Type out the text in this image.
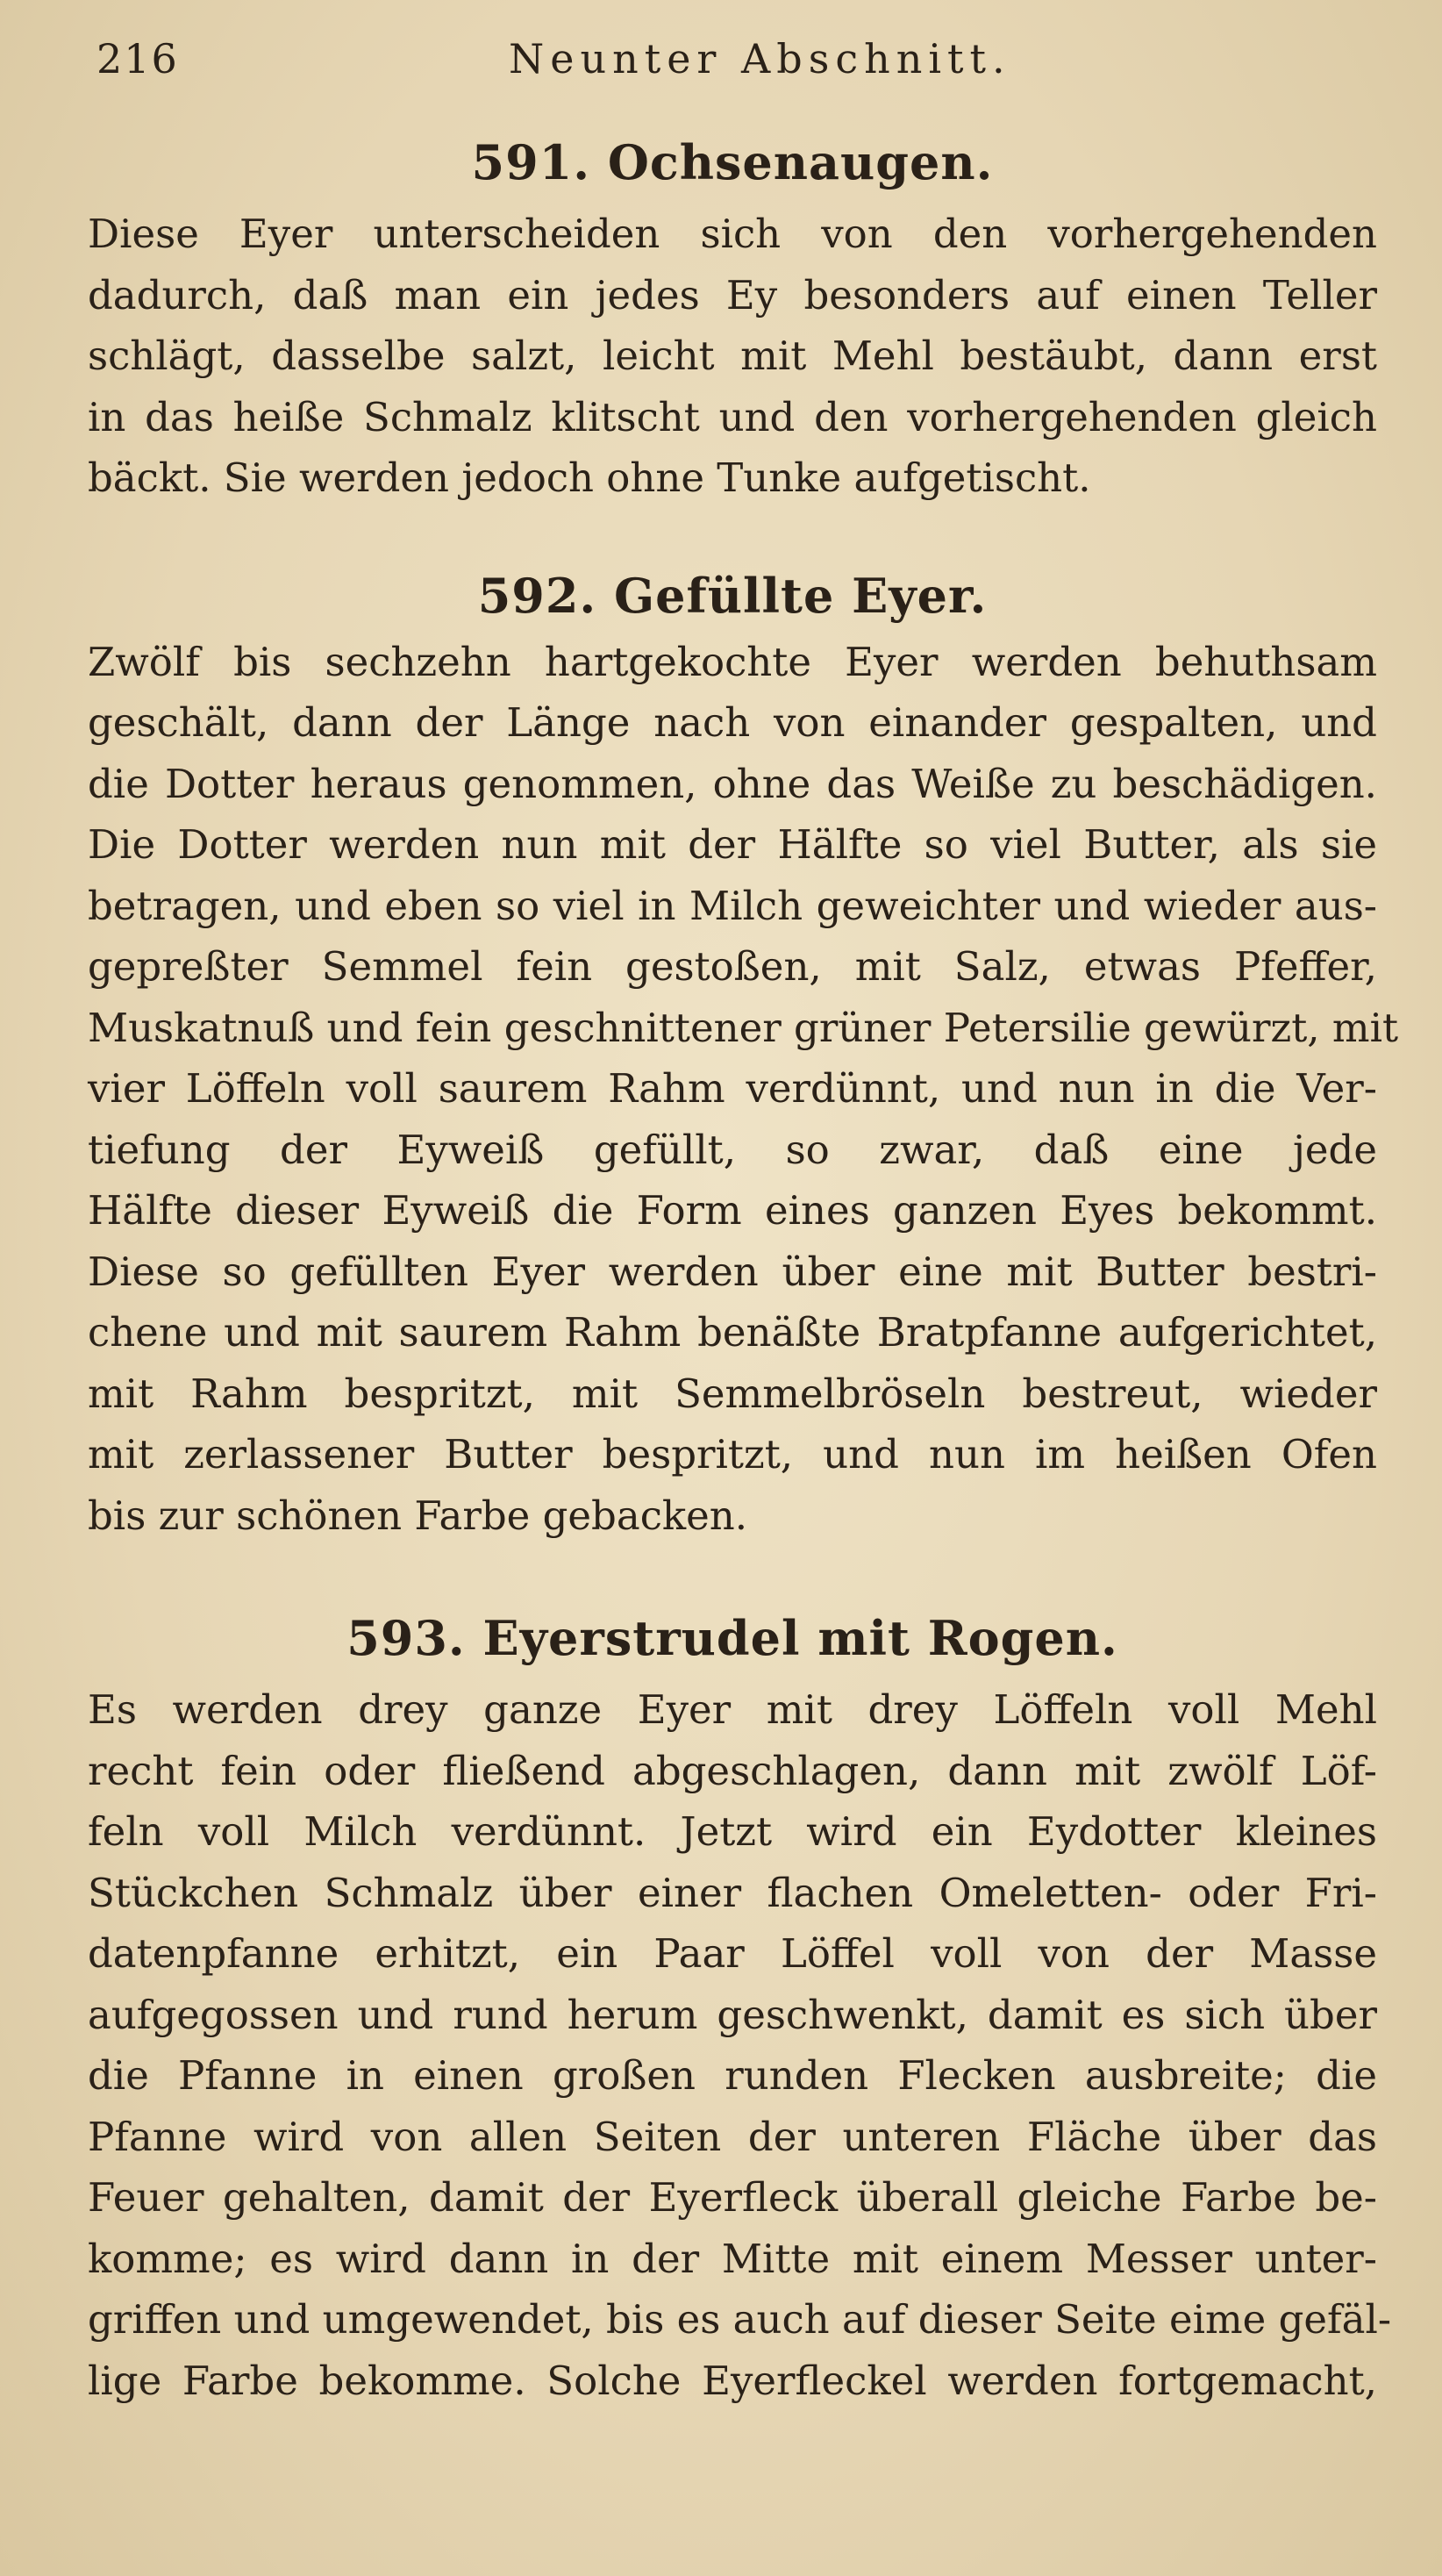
216	Neunter Abschnitt.
591. Ochsenaugen.

Diese Eyer unterscheiden sich von den vorhergehenden
dadurch, daß man ein jedes Ey besonders auf einen Teller
schlägt, dasselbe salzt, leicht mit Mehl bestäubt, dann erst
in das heiße Schmalz klitscht und den vorhergehenden gleich
bäckt. Sie werden jedoch ohne Tunke aufgetischt.

592. Gefüllte Eyer.

Zwölf bis sechzehn hartgekochte Eyer werden behuthsam
geschält, dann der Länge nach von einander gespalten, und
die Dotter heraus genommen, ohne das Weiße zu beschädigen.
Die Dotter werden nun mit der Hälfte so viel Butter, als sie
betragen, und eben so viel in Milch geweichter und wieder aus-
gepreßter Semmel fein gestoßen, mit Salz, etwas Pfeffer,
Muskatnuß und fein geschnittener grüner Petersilie gewürzt, mit
vier Löffeln voll saurem Rahm verdünnt, und nun in die Ver-
tiefung der Eyweiß gefüllt, so zwar, daß eine jede
Hälfte dieser Eyweiß die Form eines ganzen Eyes bekommt.
Diese so gefüllten Eyer werden über eine mit Butter bestri-
chene und mit saurem Rahm benäßte Bratpfanne aufgerichtet,
mit Rahm bespritzt, mit Semmelbröseln bestreut, wieder
mit zerlassener Butter bespritzt, und nun im heißen Ofen
bis zur schönen Farbe gebacken.

593. Eyerstrudel mit Rogen.

Es werden drey ganze Eyer mit drey Löffeln voll Mehl
recht fein oder fließend abgeschlagen, dann mit zwölf Löf-
feln voll Milch verdünnt. Jetzt wird ein Eydotter kleines
Stückchen Schmalz über einer flachen Omeletten- oder Fri-
datenpfanne erhitzt, ein Paar Löffel voll von der Masse
aufgegossen und rund herum geschwenkt, damit es sich über
die Pfanne in einen großen runden Flecken ausbreite; die
Pfanne wird von allen Seiten der unteren Fläche über das
Feuer gehalten, damit der Eyerfleck überall gleiche Farbe be-
komme; es wird dann in der Mitte mit einem Messer unter-
griffen und umgewendet, bis es auch auf dieser Seite eime gefäl-
lige Farbe bekomme. Solche Eyerfleckel werden fortgemacht,
